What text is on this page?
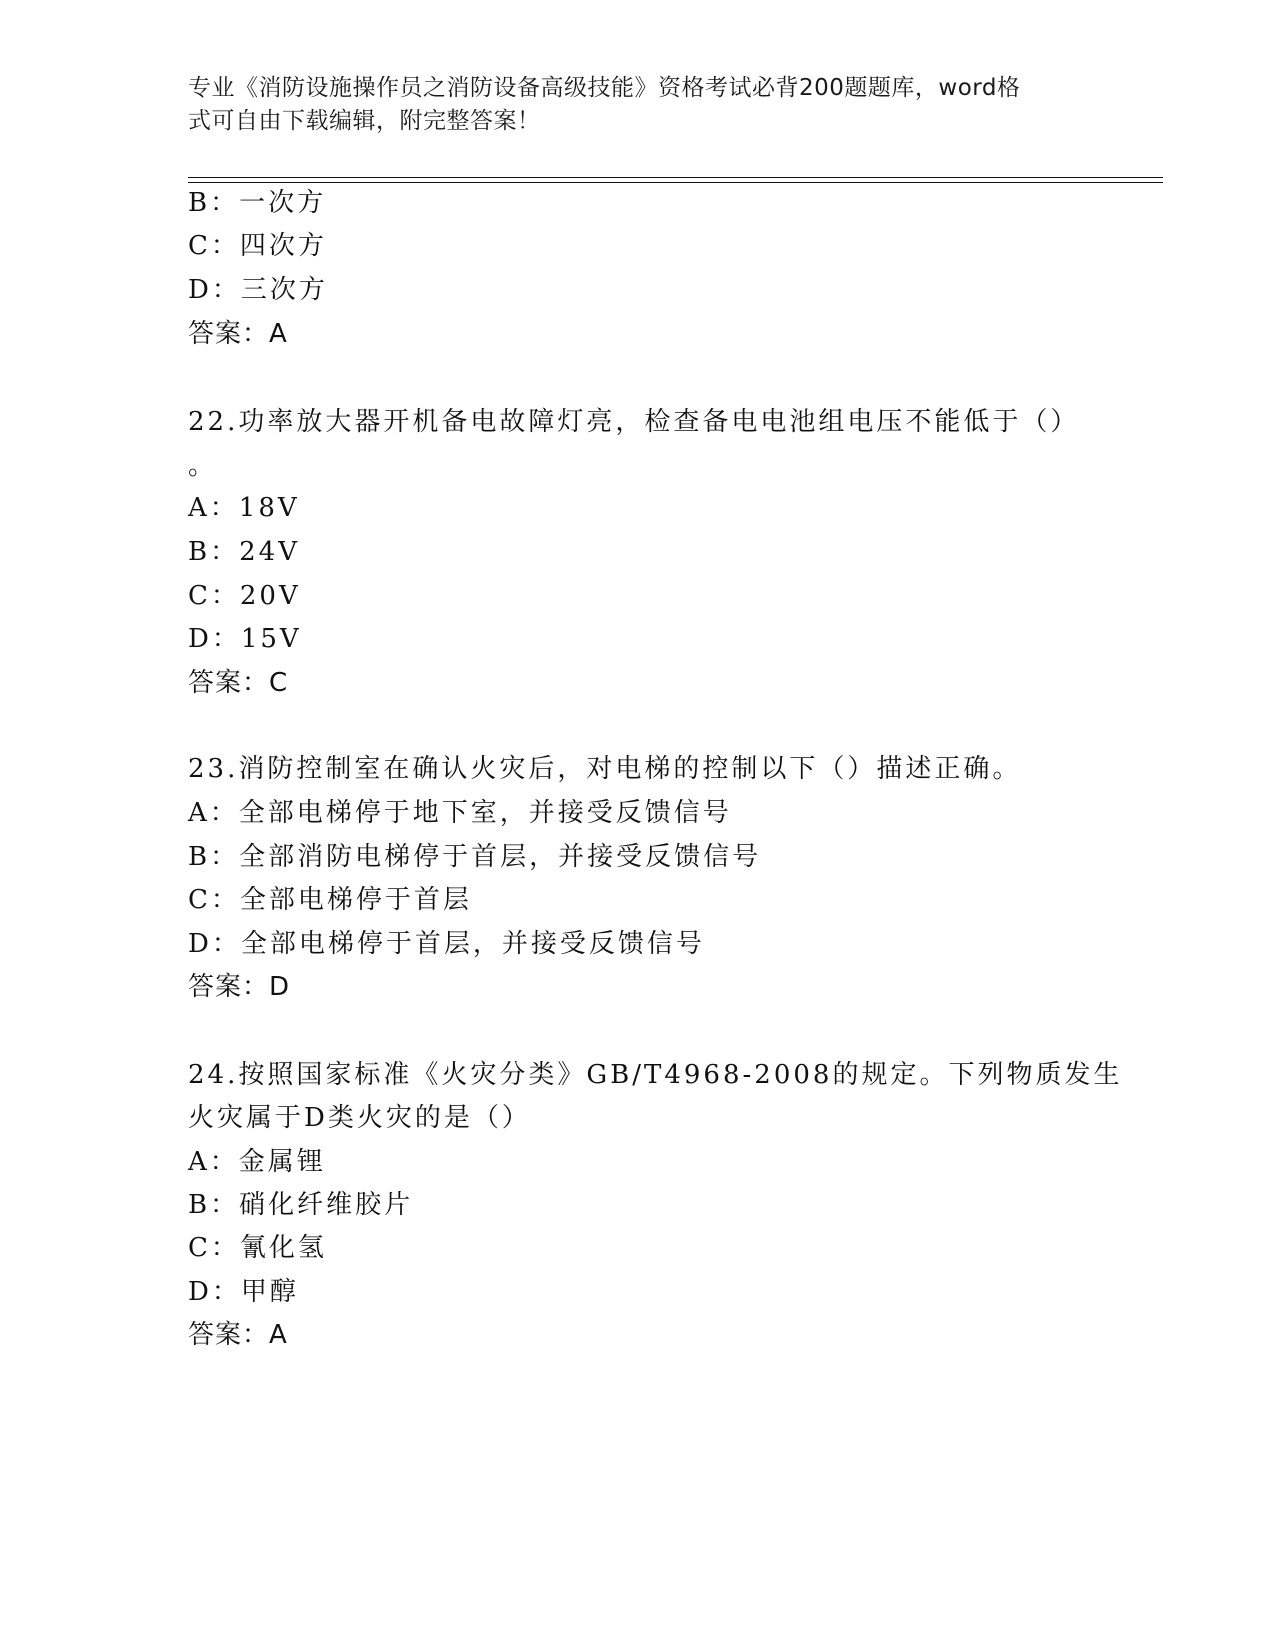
专业《消防设施操作员之消防设备高级技能》资格考试必背200题题库，word格
式可自由下载编辑，附完整答案！
B：一次方
C：四次方
D：三次方
答案：A
22.功率放大器开机备电故障灯亮，检查备电电池组电压不能低于（）
。
A：18V
B：24V
C：20V
D：15V
答案：C
23.消防控制室在确认火灾后，对电梯的控制以下（）描述正确。
A：全部电梯停于地下室，并接受反馈信号
B：全部消防电梯停于首层，并接受反馈信号
C：全部电梯停于首层
D：全部电梯停于首层，并接受反馈信号
答案：D
24.按照国家标准《火灾分类》GB/T4968-2008的规定。下列物质发生
火灾属于D类火灾的是（）
A：金属锂
B：硝化纤维胶片
C：氰化氢
D：甲醇
答案：A
